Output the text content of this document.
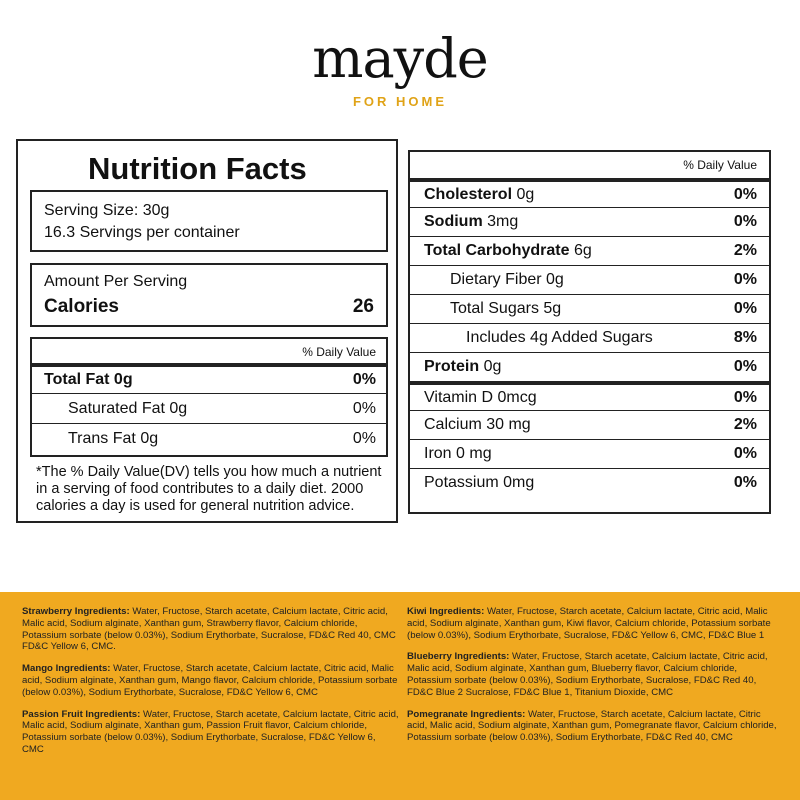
mayde
FOR HOME
Nutrition Facts
Serving Size: 30g
16.3 Servings per container
Amount Per Serving
Calories	26
% Daily Value
Total Fat 0g	0%
Saturated Fat 0g	0%
Trans Fat 0g	0%
*The % Daily Value(DV) tells you how much a nutrient in a serving of food contributes to a daily diet. 2000 calories a day is used for general nutrition advice.
% Daily Value
Cholesterol 0g	0%
Sodium 3mg	0%
Total Carbohydrate 6g	2%
Dietary Fiber 0g	0%
Total Sugars 5g	0%
Includes 4g Added Sugars	8%
Protein 0g	0%
Vitamin D 0mcg	0%
Calcium 30 mg	2%
Iron 0 mg	0%
Potassium 0mg	0%
Strawberry Ingredients: Water, Fructose, Starch acetate, Calcium lactate, Citric acid, Malic acid, Sodium alginate, Xanthan gum, Strawberry flavor, Calcium chloride, Potassium sorbate (below 0.03%), Sodium Erythorbate, Sucralose, FD&C Red 40, CMC FD&C Yellow 6, CMC.
Mango Ingredients: Water, Fructose, Starch acetate, Calcium lactate, Citric acid, Malic acid, Sodium alginate, Xanthan gum, Mango flavor, Calcium chloride, Potassium sorbate (below 0.03%), Sodium Erythorbate, Sucralose, FD&C Yellow 6, CMC
Passion Fruit Ingredients: Water, Fructose, Starch acetate, Calcium lactate, Citric acid, Malic acid, Sodium alginate, Xanthan gum, Passion Fruit flavor, Calcium chloride, Potassium sorbate (below 0.03%), Sodium Erythorbate, Sucralose, FD&C Yellow 6, CMC
Kiwi Ingredients: Water, Fructose, Starch acetate, Calcium lactate, Citric acid, Malic acid, Sodium alginate, Xanthan gum, Kiwi flavor, Calcium chloride, Potassium sorbate (below 0.03%), Sodium Erythorbate, Sucralose, FD&C Yellow 6, CMC, FD&C Blue 1
Blueberry Ingredients: Water, Fructose, Starch acetate, Calcium lactate, Citric acid, Malic acid, Sodium alginate, Xanthan gum, Blueberry flavor, Calcium chloride, Potassium sorbate (below 0.03%), Sodium Erythorbate, Sucralose, FD&C Red 40, FD&C Blue 2 Sucralose, FD&C Blue 1, Titanium Dioxide, CMC
Pomegranate Ingredients: Water, Fructose, Starch acetate, Calcium lactate, Citric acid, Malic acid, Sodium alginate, Xanthan gum, Pomegranate flavor, Calcium chloride, Potassium sorbate (below 0.03%), Sodium Erythorbate, FD&C Red 40, CMC
